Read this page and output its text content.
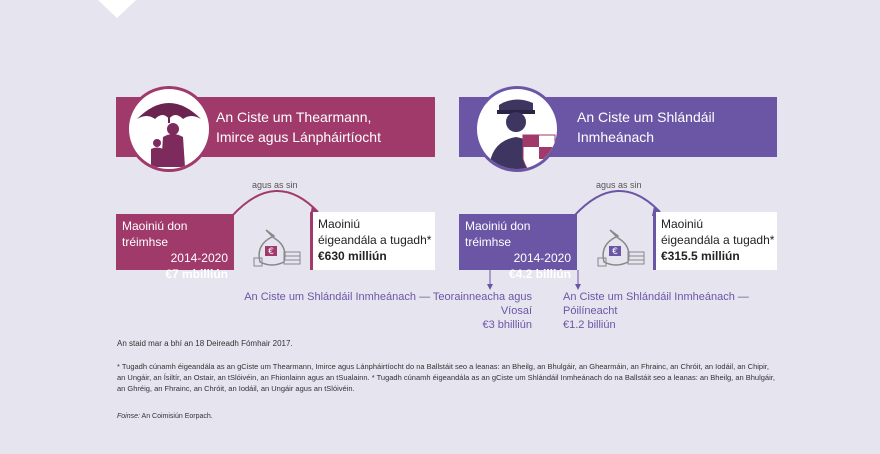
An Ciste um Thearmann,
Imirce agus Lánpháirtíocht
An Ciste um Shlándáil
Inmheánach
Maoiniú don tréimhse
2014-2020
€7 mbilliún
€
agus as sin
Maoiniú
éigeandála a tugadh*
€630 milliún
Maoiniú don tréimhse
2014-2020
€4.2 billiún
€
agus as sin
Maoiniú
éigeandála a tugadh*
€315.5 milliún
An Ciste um Shlándáil Inmheánach — Teorainneacha agus Víosaí
€3 bhilliún
An Ciste um Shlándáil Inmheánach — Póilíneacht
€1.2 billiún
An staid mar a bhí an 18 Deireadh Fómhair 2017.
* Tugadh cúnamh éigeandála as an gCiste um Thearmann, Imirce agus Lánpháirtíocht do na Ballstáit seo a leanas: an Bheilg, an Bhulgáir, an Ghearmáin, an Fhrainc, an Chróit, an Iodáil, an Chipir, an Ungáir, an Ísiltír, an Ostair, an tSlóivéin, an Fhionlainn agus an tSualainn. * Tugadh cúnamh éigeandála as an gCiste um Shlándáil Inmheánach do na Ballstáit seo a leanas: an Bheilg, an Bhulgáir, an Ghréig, an Fhrainc, an Chróit, an Iodáil, an Ungáir agus an tSlóivéin.
Foinse: An Coimisiún Eorpach.
